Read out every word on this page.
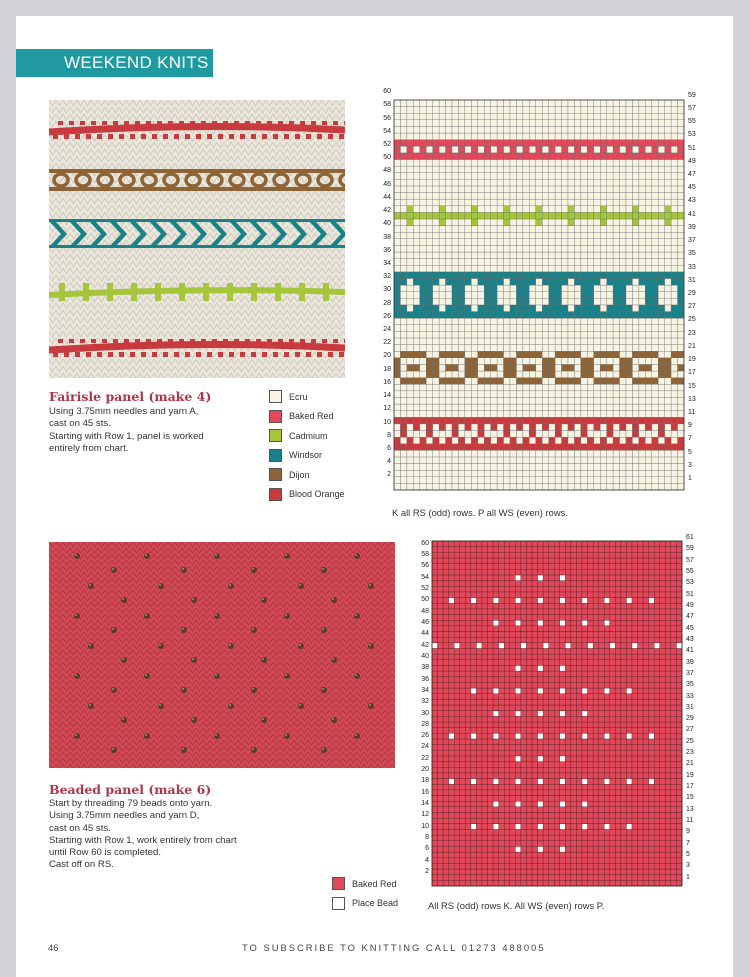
WEEKEND KNITS
60
58
56
54
52
50
48
46
44
42
40
38
36
34
32
30
28
26
24
22
20
18
16
14
12
10
8
6
4
2
59
57
55
53
51
49
47
45
43
41
39
37
35
33
31
29
27
25
23
21
19
17
15
13
11
9
7
5
3
1
Fairisle panel (make 4)
Using 3.75mm needles and yarn A,
cast on 45 sts.
Starting with Row 1, panel is worked
entirely from chart.
Ecru
Baked Red
Cadmium
Windsor
Dijon
Blood Orange
K all RS (odd) rows. P all WS (even) rows.
60
58
56
54
52
50
48
46
44
42
40
38
36
34
32
30
28
26
24
22
20
18
16
14
12
10
8
6
4
2
61
59
57
55
53
51
49
47
45
43
41
39
37
35
33
31
29
27
25
23
21
19
17
15
13
11
9
7
5
3
1
Beaded panel (make 6)
Start by threading 79 beads onto yarn.
Using 3.75mm needles and yarn D,
cast on 45 sts.
Starting with Row 1, work entirely from chart
until Row 60 is completed.
Cast off on RS.
Baked Red
Place Bead	All RS (odd) rows K. All WS (even) rows P.
46	TO SUBSCRIBE TO KNITTING CALL 01273 488005
